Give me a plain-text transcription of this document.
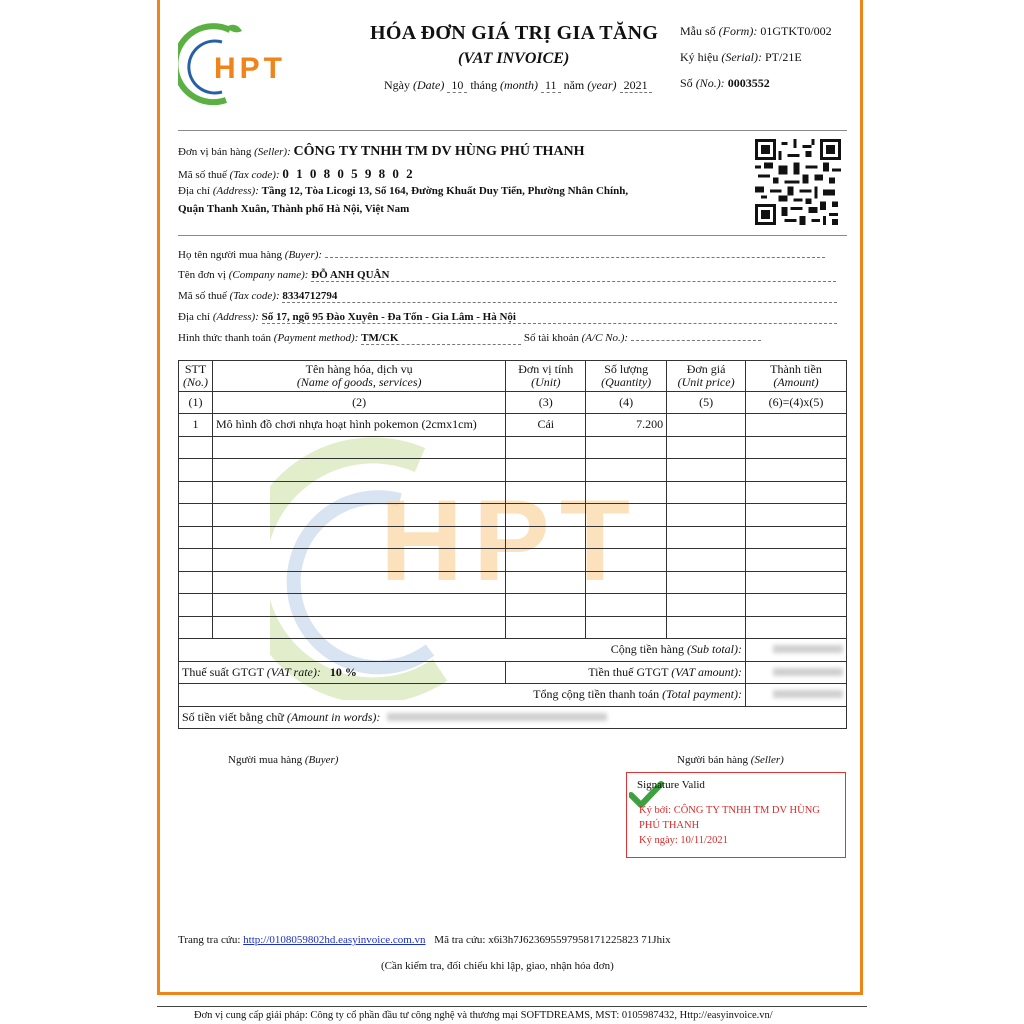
HPT
HPT
HÓA ĐƠN GIÁ TRỊ GIA TĂNG
(VAT INVOICE)
Ngày (Date) 10 tháng (month) 11 năm (year) 2021
Mẫu số (Form): 01GTKT0/002
Ký hiệu (Serial): PT/21E
Số (No.): 0003552
Đơn vị bán hàng (Seller): CÔNG TY TNHH TM DV HÙNG PHÚ THANH
Mã số thuế (Tax code): 0 1 0 8 0 5 9 8 0 2
Địa chỉ (Address): Tầng 12, Tòa Licogi 13, Số 164, Đường Khuất Duy Tiến, Phường Nhân Chính,
Quận Thanh Xuân, Thành phố Hà Nội, Việt Nam
Họ tên người mua hàng (Buyer):
Tên đơn vị (Company name): ĐỖ ANH QUÂN
Mã số thuế (Tax code): 8334712794
Địa chỉ (Address): Số 17, ngõ 95 Đào Xuyên - Đa Tốn - Gia Lâm - Hà Nội
Hình thức thanh toán (Payment method): TM/CK	Số tài khoản (A/C No.):
STT
(No.)	Tên hàng hóa, dịch vụ
(Name of goods, services)	Đơn vị tính
(Unit)	Số lượng
(Quantity)	Đơn giá
(Unit price)	Thành tiền
(Amount)
(1)	(2)	(3)	(4)	(5)	(6)=(4)x(5)
1	Mô hình đồ chơi nhựa hoạt hình pokemon (2cmx1cm)	Cái	7.200		

Cộng tiền hàng (Sub total):					
Thuế suất GTGT (VAT rate): 10 %		Tiền thuế GTGT (VAT amount):			
Tổng cộng tiền thanh toán (Total payment):					
Số tiền viết bằng chữ (Amount in words):					
Người mua hàng (Buyer)	Người bán hàng (Seller)
Signature Valid
Ký bởi: CÔNG TY TNHH TM DV HÙNG
PHÚ THANH
Ký ngày: 10/11/2021
Trang tra cứu: http://0108059802hd.easyinvoice.com.vn Mã tra cứu: x6i3h7J623695597958171225823 71Jhix
(Cần kiểm tra, đối chiếu khi lập, giao, nhận hóa đơn)
Đơn vị cung cấp giải pháp: Công ty cổ phần đầu tư công nghệ và thương mại SOFTDREAMS, MST: 0105987432, Http://easyinvoice.vn/
